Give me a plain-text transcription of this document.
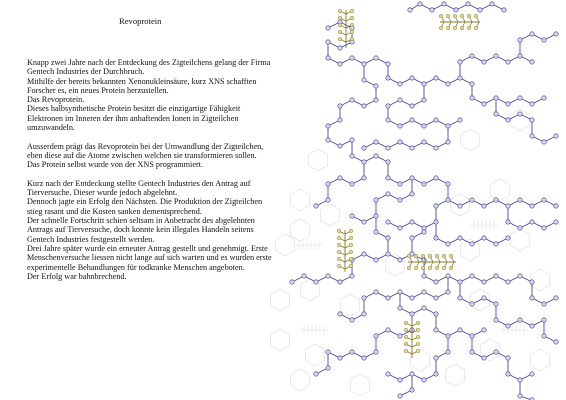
Revoprotein

Knapp zwei Jahre nach der Entdeckung des Zigteilchens gelang der Firma
Gentech Industries der Durchbruch.
Mithilfe der bereits bekannten Xenonukleinsäure, kurz XNS schafften
Forscher es, ein neues Protein herzustellen.
Das Revoprotein.
Dieses halbsynthetische Protein besitzt die einzigartige Fähigkeit
Elektronen im Inneren der ihm anhaftenden Ionen in Zigteilchen
umzuwandeln.

Ausserdem prägt das Revoprotein bei der Umwandlung der Zigteilchen,
eben diese auf die Atome zwischen welchen sie transformieren sollen.
Das Protein selbst wurde von der XNS programmiert.

Kurz nach der Entdeckung stellte Gentech Industries den Antrag auf
Tierversuche. Dieser wurde jedoch abgelehnt.
Dennoch jagte ein Erfolg den Nächsten. Die Produktion der Zigteilchen
stieg rasant und die Kosten sanken dementsprechend.
Der schnelle Fortschritt schien seltsam in Anbetracht des abgelehnten
Antrags auf Tierversuche, doch konnte kein illegales Handeln seitens
Gentech Industries festgestellt werden.
Drei Jahre später wurde ein erneuter Antrag gestellt und genehmigt. Erste
Menschenversuche liessen nicht lange auf sich warten und es wurden erste
experimentelle Behandlungen für todkranke Menschen angeboten.
Der Erfolg war bahnbrechend.
